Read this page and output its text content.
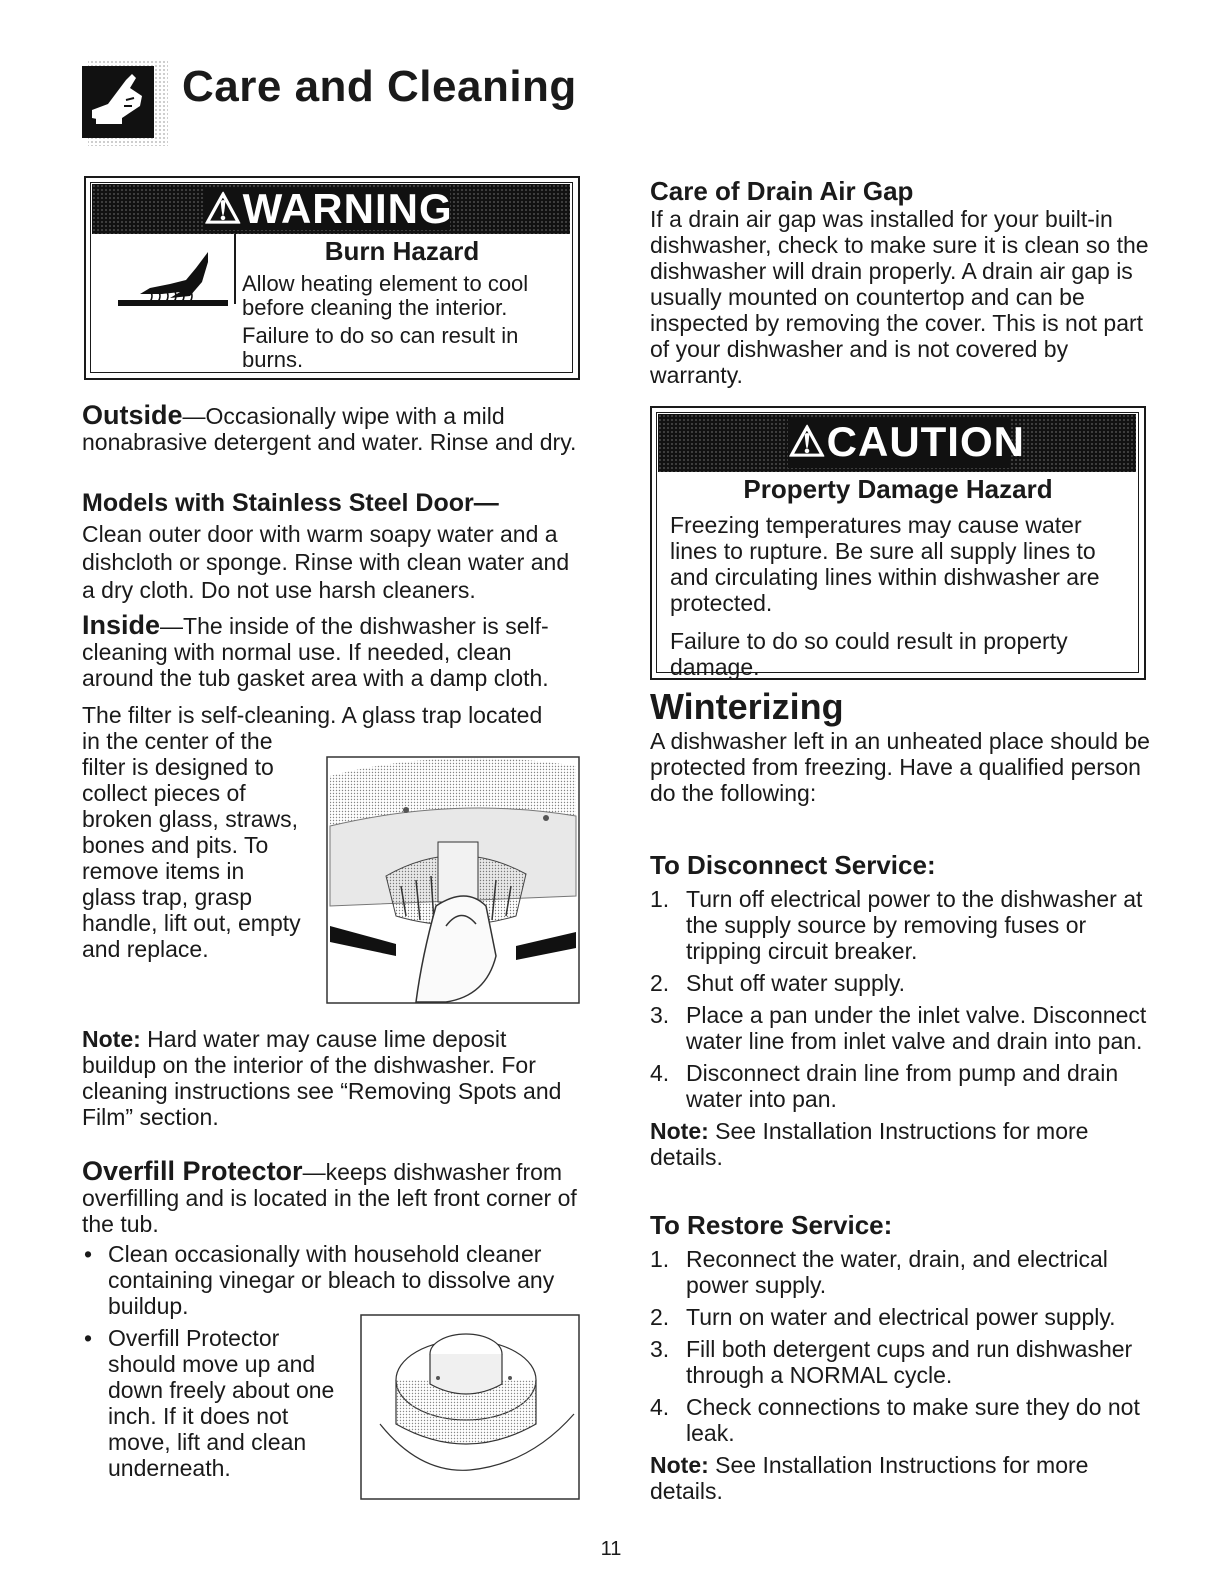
Care and Cleaning
⚠WARNING
Burn Hazard
Allow heating element to cool before cleaning the interior.
Failure to do so can result in burns.

Outside—Occasionally wipe with a mild nonabrasive detergent and water. Rinse and dry.

Models with Stainless Steel Door—

Clean outer door with warm soapy water and a dishcloth or sponge. Rinse with clean water and a dry cloth. Do not use harsh cleaners.

Inside—The inside of the dishwasher is self-cleaning with normal use. If needed, clean around the tub gasket area with a damp cloth.

The filter is self-cleaning. A glass trap located

in the center of the

filter is designed to

collect pieces of

broken glass, straws,

bones and pits. To

remove items in

glass trap, grasp

handle, lift out, empty

and replace.

Note: Hard water may cause lime deposit buildup on the interior of the dishwasher. For cleaning instructions see “Removing Spots and Film” section.

Overfill Protector—keeps dishwasher from overfilling and is located in the left front corner of the tub.

• Clean occasionally with household cleaner containing vinegar or bleach to dissolve any buildup.
• Overfill Protector
should move up and
down freely about one
inch. If it does not
move, lift and clean
underneath.

Care of Drain Air Gap

If a drain air gap was installed for your built-in dishwasher, check to make sure it is clean so the dishwasher will drain properly. A drain air gap is usually mounted on countertop and can be inspected by removing the cover. This is not part of your dishwasher and is not covered by warranty.

⚠CAUTION
Property Damage Hazard
Freezing temperatures may cause water lines to rupture. Be sure all supply lines to and circulating lines within dishwasher are protected.
Failure to do so could result in property damage.

Winterizing

A dishwasher left in an unheated place should be protected from freezing. Have a qualified person do the following:

To Disconnect Service:

1. Turn off electrical power to the dishwasher at the supply source by removing fuses or tripping circuit breaker.
2. Shut off water supply.
3. Place a pan under the inlet valve. Disconnect water line from inlet valve and drain into pan.
4. Disconnect drain line from pump and drain water into pan.

Note: See Installation Instructions for more details.

To Restore Service:

1. Reconnect the water, drain, and electrical power supply.
2. Turn on water and electrical power supply.
3. Fill both detergent cups and run dishwasher through a NORMAL cycle.
4. Check connections to make sure they do not leak.

Note: See Installation Instructions for more details.

11
